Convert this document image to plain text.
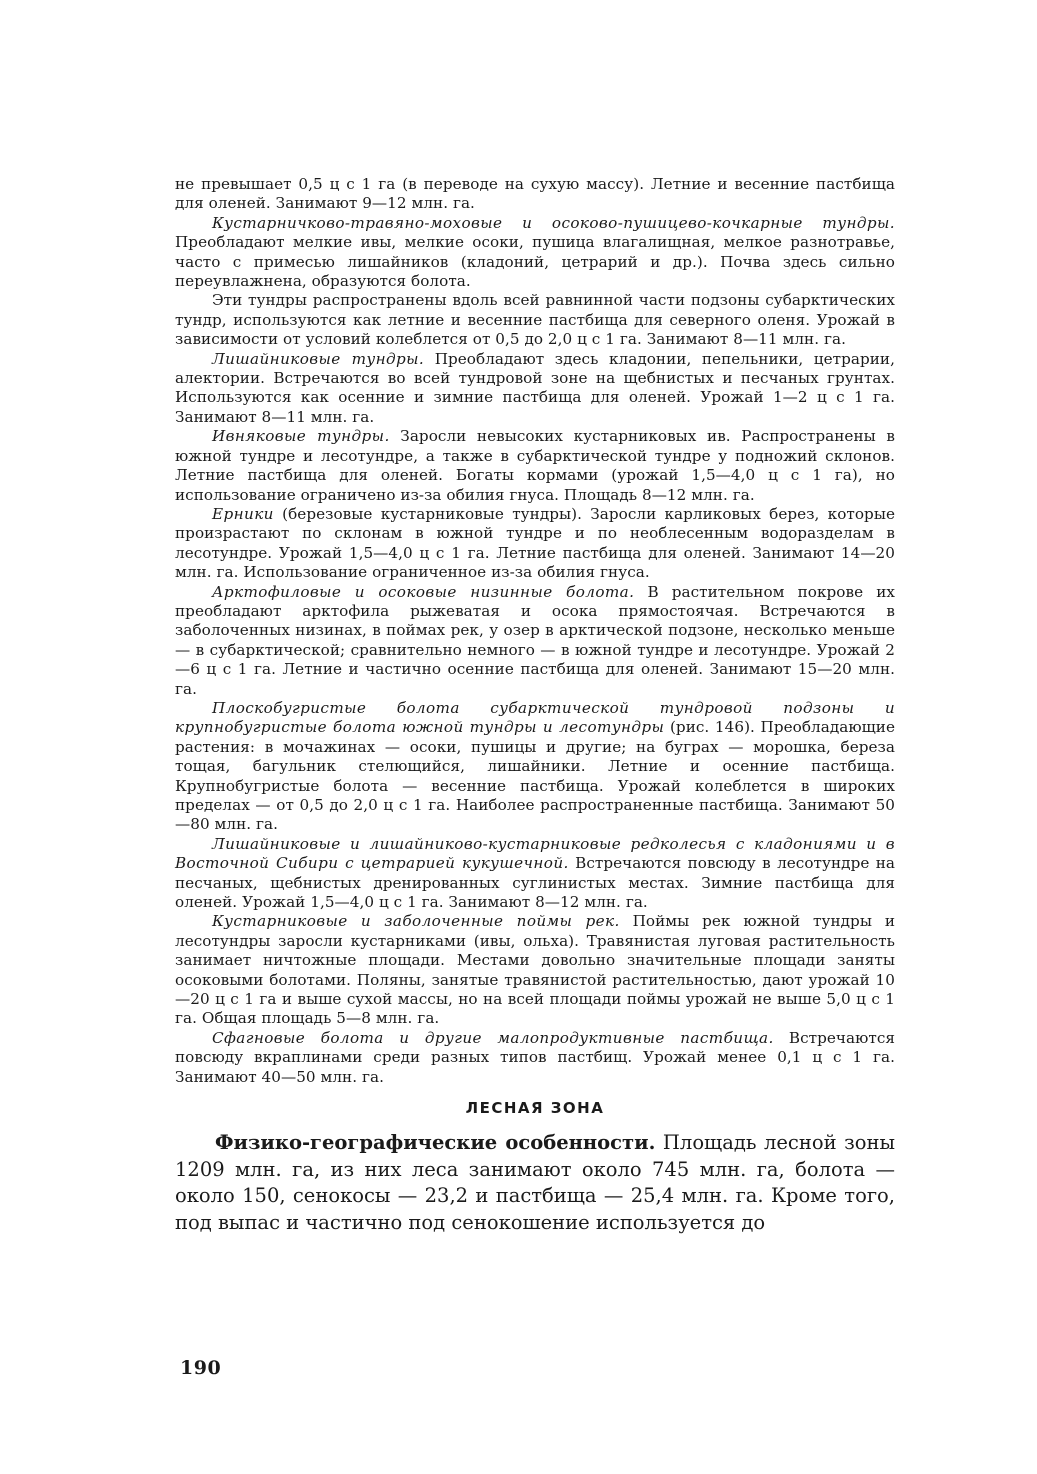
не превышает 0,5 ц с 1 га (в переводе на сухую массу). Летние и весенние пастбища для оленей. Занимают 9—12 млн. га.

Кустарничково-травяно-моховые и осоково-пушицево-кочкарные тундры. Преобладают мелкие ивы, мелкие осоки, пушица влагалищная, мелкое разнотравье, часто с примесью лишайников (кладоний, цетрарий и др.). Почва здесь сильно переувлажнена, образуются болота.

Эти тундры распространены вдоль всей равнинной части подзоны субарктических тундр, используются как летние и весенние пастбища для северного оленя. Урожай в зависимости от условий колеблется от 0,5 до 2,0 ц с 1 га. Занимают 8—11 млн. га.

Лишайниковые тундры. Преобладают здесь кладонии, пепельники, цетрарии, алектории. Встречаются во всей тундровой зоне на щебнистых и песчаных грунтах. Используются как осенние и зимние пастбища для оленей. Урожай 1—2 ц с 1 га. Занимают 8—11 млн. га.

Ивняковые тундры. Заросли невысоких кустарниковых ив. Распространены в южной тундре и лесотундре, а также в субарктической тундре у подножий склонов. Летние пастбища для оленей. Богаты кормами (урожай 1,5—4,0 ц с 1 га), но использование ограничено из-за обилия гнуса. Площадь 8—12 млн. га.

Ерники (березовые кустарниковые тундры). Заросли карликовых берез, которые произрастают по склонам в южной тундре и по необлесенным водоразделам в лесотундре. Урожай 1,5—4,0 ц с 1 га. Летние пастбища для оленей. Занимают 14—20 млн. га. Использование ограниченное из-за обилия гнуса.

Арктофиловые и осоковые низинные болота. В растительном покрове их преобладают арктофила рыжеватая и осока прямостоячая. Встречаются в заболоченных низинах, в поймах рек, у озер в арктической подзоне, несколько меньше — в субарктической; сравнительно немного — в южной тундре и лесотундре. Урожай 2—6 ц с 1 га. Летние и частично осенние пастбища для оленей. Занимают 15—20 млн. га.

Плоскобугристые болота субарктической тундровой подзоны и крупнобугристые болота южной тундры и лесотундры (рис. 146). Преобладающие растения: в мочажинах — осоки, пушицы и другие; на буграх — морошка, береза тощая, багульник стелющийся, лишайники. Летние и осенние пастбища. Крупнобугристые болота — весенние пастбища. Урожай колеблется в широких пределах — от 0,5 до 2,0 ц с 1 га. Наиболее распространенные пастбища. Занимают 50—80 млн. га.

Лишайниковые и лишайниково-кустарниковые редколесья с кладониями и в Восточной Сибири с цетрарией кукушечной. Встречаются повсюду в лесотундре на песчаных, щебнистых дренированных суглинистых местах. Зимние пастбища для оленей. Урожай 1,5—4,0 ц с 1 га. Занимают 8—12 млн. га.

Кустарниковые и заболоченные поймы рек. Поймы рек южной тундры и лесотундры заросли кустарниками (ивы, ольха). Травянистая луговая растительность занимает ничтожные площади. Местами довольно значительные площади заняты осоковыми болотами. Поляны, занятые травянистой растительностью, дают урожай 10—20 ц с 1 га и выше сухой массы, но на всей площади поймы урожай не выше 5,0 ц с 1 га. Общая площадь 5—8 млн. га.

Сфагновые болота и другие малопродуктивные пастбища. Встречаются повсюду вкраплинами среди разных типов пастбищ. Урожай менее 0,1 ц с 1 га. Занимают 40—50 млн. га.

ЛЕСНАЯ ЗОНА

Физико-географические особенности. Площадь лесной зоны 1209 млн. га, из них леса занимают около 745 млн. га, болота — около 150, сенокосы — 23,2 и пастбища — 25,4 млн. га. Кроме того, под выпас и частично под сенокошение используется до

190
